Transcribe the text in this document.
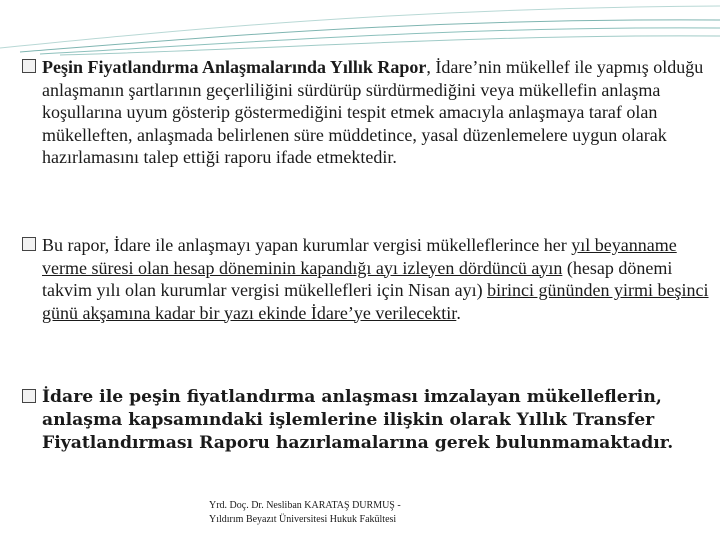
Peşin Fiyatlandırma Anlaşmalarında Yıllık Rapor, İdare’nin mükellef ile yapmış olduğu anlaşmanın şartlarının geçerliliğini sürdürüp sürdürmediğini veya mükellefin anlaşma koşullarına uyum gösterip göstermediğini tespit etmek amacıyla anlaşmaya taraf olan mükelleften, anlaşmada belirlenen süre müddetince, yasal düzenlemelere uygun olarak hazırlamasını talep ettiği raporu ifade etmektedir.
Bu rapor, İdare ile anlaşmayı yapan kurumlar vergisi mükelleflerince her yıl beyanname verme süresi olan hesap döneminin kapandığı ayı izleyen dördüncü ayın (hesap dönemi takvim yılı olan kurumlar vergisi mükellefleri için Nisan ayı) birinci gününden yirmi beşinci günü akşamına kadar bir yazı ekinde İdare’ye verilecektir.
İdare ile peşin fiyatlandırma anlaşması imzalayan mükelleflerin, anlaşma kapsamındaki işlemlerine ilişkin olarak Yıllık Transfer Fiyatlandırması Raporu hazırlamalarına gerek bulunmamaktadır.
Yrd. Doç. Dr. Nesliban KARATAŞ DURMUŞ -
Yıldırım Beyazıt Üniversitesi Hukuk Fakültesi
